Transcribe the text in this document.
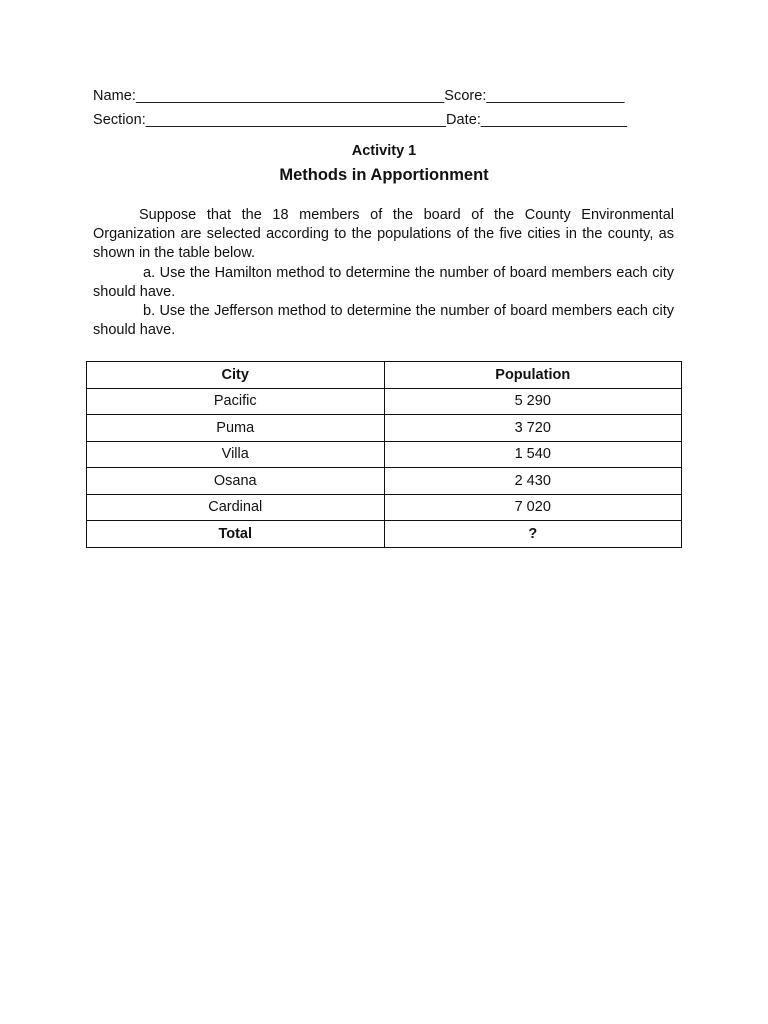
Name:______________________________________Score:_________________
Section:_____________________________________Date:__________________
Activity 1
Methods in Apportionment

Suppose that the 18 members of the board of the County Environmental Organization are selected according to the populations of the five cities in the county, as shown in the table below.

a. Use the Hamilton method to determine the number of board members each city should have.

b. Use the Jefferson method to determine the number of board members each city should have.

City	Population
Pacific	5 290
Puma	3 720
Villa	1 540
Osana	2 430
Cardinal	7 020
Total	?
